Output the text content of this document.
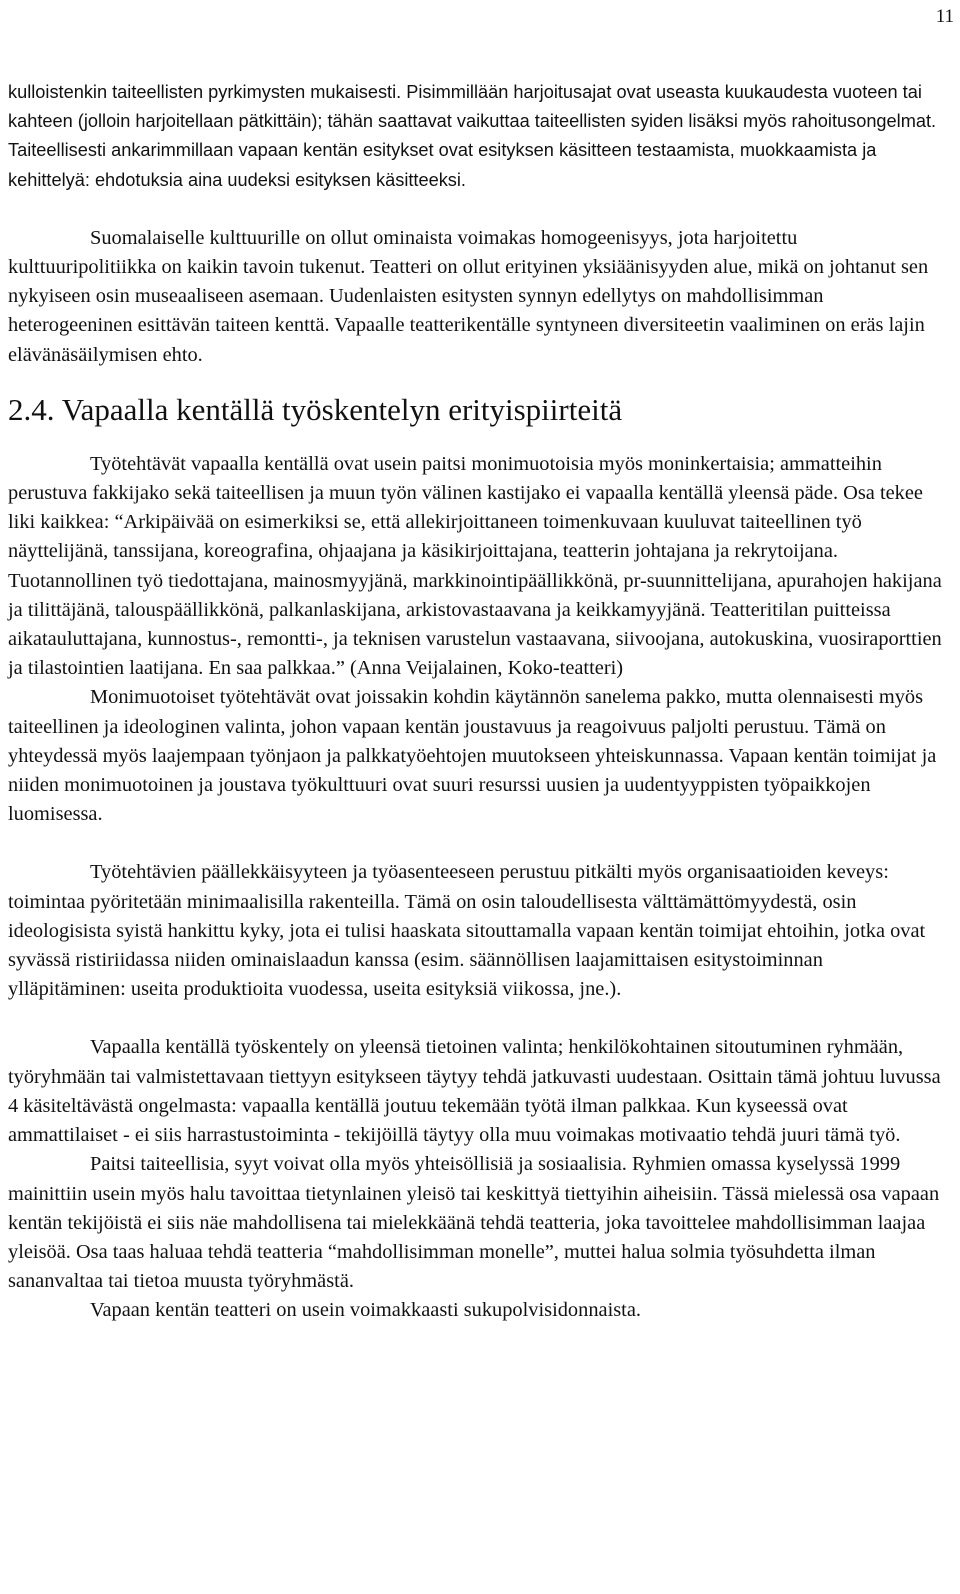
11

kulloistenkin taiteellisten pyrkimysten mukaisesti. Pisimmillään harjoitusajat ovat useasta kuukaudesta vuoteen tai kahteen (jolloin harjoitellaan pätkittäin); tähän saattavat vaikuttaa taiteellisten syiden lisäksi myös rahoitusongelmat. Taiteellisesti ankarimmillaan vapaan kentän esitykset ovat esityksen käsitteen testaamista, muokkaamista ja kehittelyä: ehdotuksia aina uudeksi esityksen käsitteeksi.

Suomalaiselle kulttuurille on ollut ominaista voimakas homogeenisyys, jota harjoitettu kulttuuripolitiikka on kaikin tavoin tukenut. Teatteri on ollut erityinen yksiäänisyyden alue, mikä on johtanut sen nykyiseen osin museaaliseen asemaan. Uudenlaisten esitysten synnyn edellytys on mahdollisimman heterogeeninen esittävän taiteen kenttä. Vapaalle teatterikentälle syntyneen diversiteetin vaaliminen on eräs lajin elävänäsäilymisen ehto.

2.4. Vapaalla kentällä työskentelyn erityispiirteitä

Työtehtävät vapaalla kentällä ovat usein paitsi monimuotoisia myös moninkertaisia; ammatteihin perustuva fakkijako sekä taiteellisen ja muun työn välinen kastijako ei vapaalla kentällä yleensä päde. Osa tekee liki kaikkea: “Arkipäivää on esimerkiksi se, että allekirjoittaneen toimenkuvaan kuuluvat taiteellinen työ näyttelijänä, tanssijana, koreografina, ohjaajana ja käsikirjoittajana, teatterin johtajana ja rekrytoijana. Tuotannollinen työ tiedottajana, mainosmyyjänä, markkinointipäällikkönä, pr-suunnittelijana, apurahojen hakijana ja tilittäjänä, talouspäällikkönä, palkanlaskijana, arkistovastaavana ja keikkamyyjänä. Teatteritilan puitteissa aikatauluttajana, kunnostus-, remontti-, ja teknisen varustelun vastaavana, siivoojana, autokuskina, vuosiraporttien ja tilastointien laatijana. En saa palkkaa.” (Anna Veijalainen, Koko-teatteri)

Monimuotoiset työtehtävät ovat joissakin kohdin käytännön sanelema pakko, mutta olennaisesti myös taiteellinen ja ideologinen valinta, johon vapaan kentän joustavuus ja reagoivuus paljolti perustuu. Tämä on yhteydessä myös laajempaan työnjaon ja palkkatyöehtojen muutokseen yhteiskunnassa. Vapaan kentän toimijat ja niiden monimuotoinen ja joustava työkulttuuri ovat suuri resurssi uusien ja uudentyyppisten työpaikkojen luomisessa.

Työtehtävien päällekkäisyyteen ja työasenteeseen perustuu pitkälti myös organisaatioiden keveys: toimintaa pyöritetään minimaalisilla rakenteilla. Tämä on osin taloudellisesta välttämättömyydestä, osin ideologisista syistä hankittu kyky, jota ei tulisi haaskata sitouttamalla vapaan kentän toimijat ehtoihin, jotka ovat syvässä ristiriidassa niiden ominaislaadun kanssa (esim. säännöllisen laajamittaisen esitystoiminnan ylläpitäminen: useita produktioita vuodessa, useita esityksiä viikossa, jne.).

Vapaalla kentällä työskentely on yleensä tietoinen valinta; henkilökohtainen sitoutuminen ryhmään, työryhmään tai valmistettavaan tiettyyn esitykseen täytyy tehdä jatkuvasti uudestaan. Osittain tämä johtuu luvussa 4 käsiteltävästä ongelmasta: vapaalla kentällä joutuu tekemään työtä ilman palkkaa. Kun kyseessä ovat ammattilaiset - ei siis harrastustoiminta - tekijöillä täytyy olla muu voimakas motivaatio tehdä juuri tämä työ.

Paitsi taiteellisia, syyt voivat olla myös yhteisöllisiä ja sosiaalisia. Ryhmien omassa kyselyssä 1999 mainittiin usein myös halu tavoittaa tietynlainen yleisö tai keskittyä tiettyihin aiheisiin. Tässä mielessä osa vapaan kentän tekijöistä ei siis näe mahdollisena tai mielekkäänä tehdä teatteria, joka tavoittelee mahdollisimman laajaa yleisöä. Osa taas haluaa tehdä teatteria “mahdollisimman monelle”, muttei halua solmia työsuhdetta ilman sananvaltaa tai tietoa muusta työryhmästä.

Vapaan kentän teatteri on usein voimakkaasti sukupolvisidonnaista.
